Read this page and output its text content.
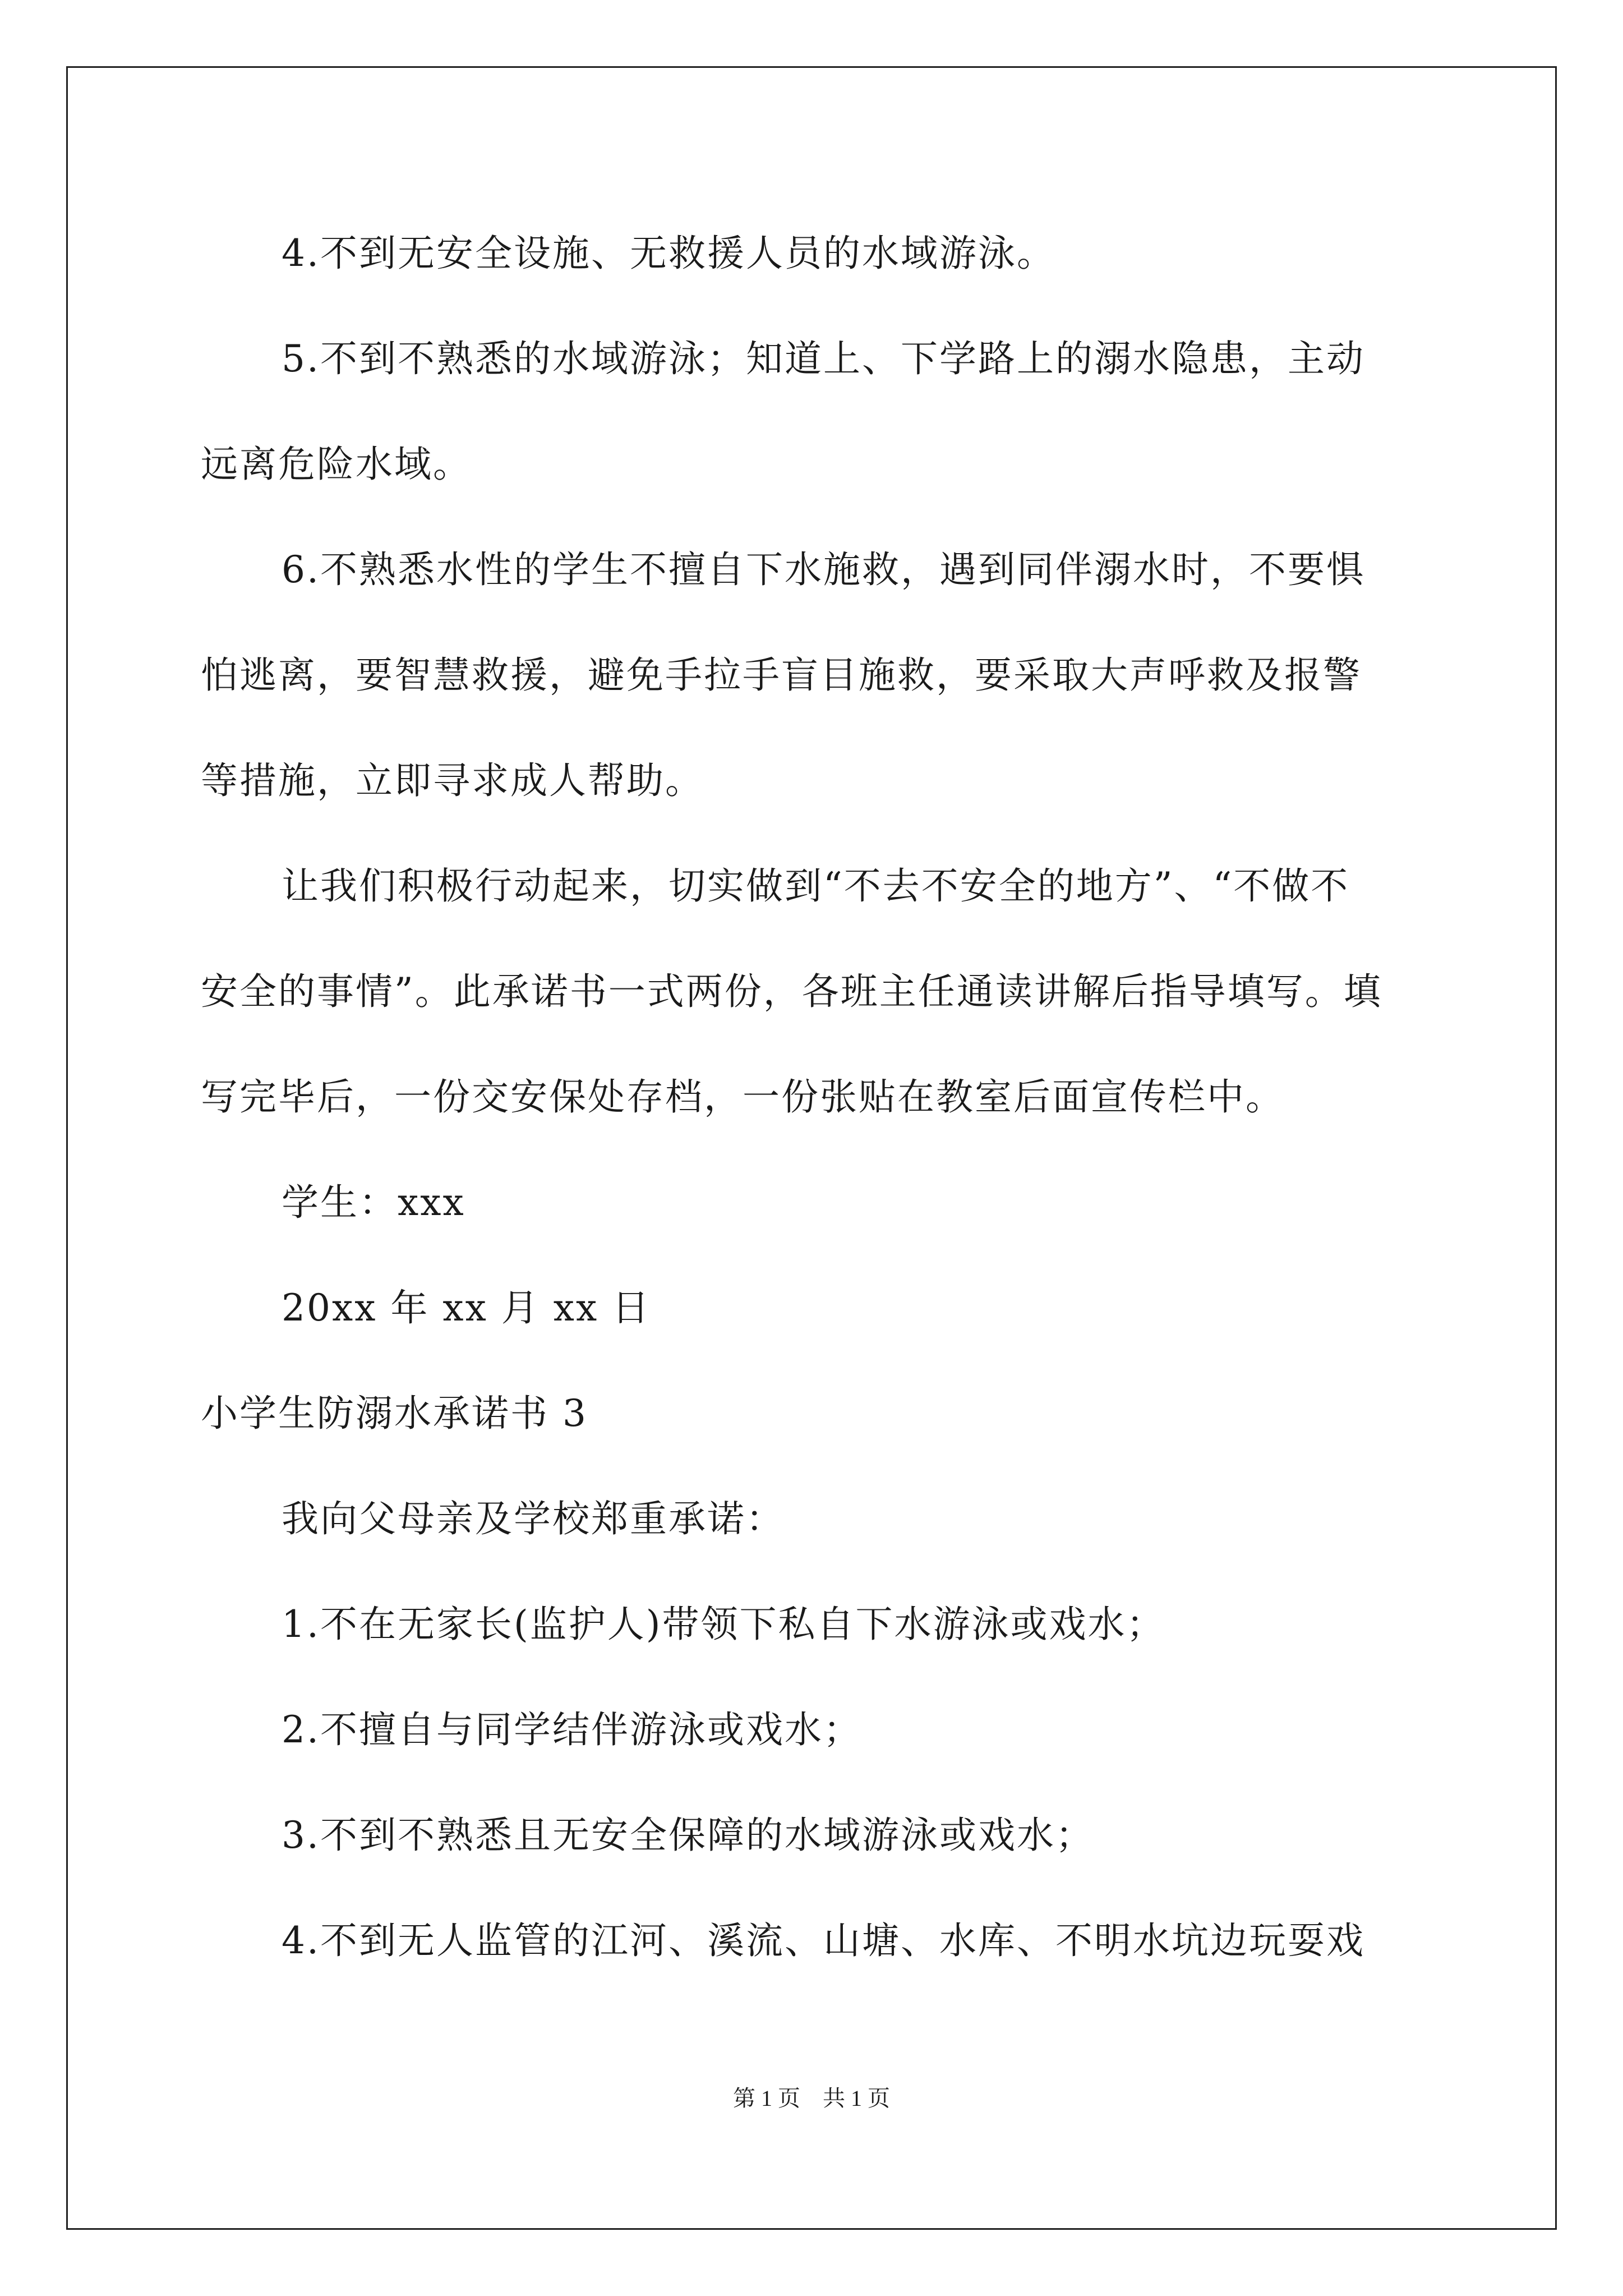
4.不到无安全设施、无救援人员的水域游泳。
5.不到不熟悉的水域游泳；知道上、下学路上的溺水隐患，主动
远离危险水域。
6.不熟悉水性的学生不擅自下水施救，遇到同伴溺水时，不要惧
怕逃离，要智慧救援，避免手拉手盲目施救，要采取大声呼救及报警
等措施，立即寻求成人帮助。
让我们积极行动起来，切实做到“不去不安全的地方”、“不做不
安全的事情”。此承诺书一式两份，各班主任通读讲解后指导填写。填
写完毕后，一份交安保处存档，一份张贴在教室后面宣传栏中。
学生：xxx
20xx 年 xx 月 xx 日
小学生防溺水承诺书 3
我向父母亲及学校郑重承诺：
1.不在无家长(监护人)带领下私自下水游泳或戏水；
2.不擅自与同学结伴游泳或戏水；
3.不到不熟悉且无安全保障的水域游泳或戏水；
4.不到无人监管的江河、溪流、山塘、水库、不明水坑边玩耍戏
第 1 页 共 1 页
